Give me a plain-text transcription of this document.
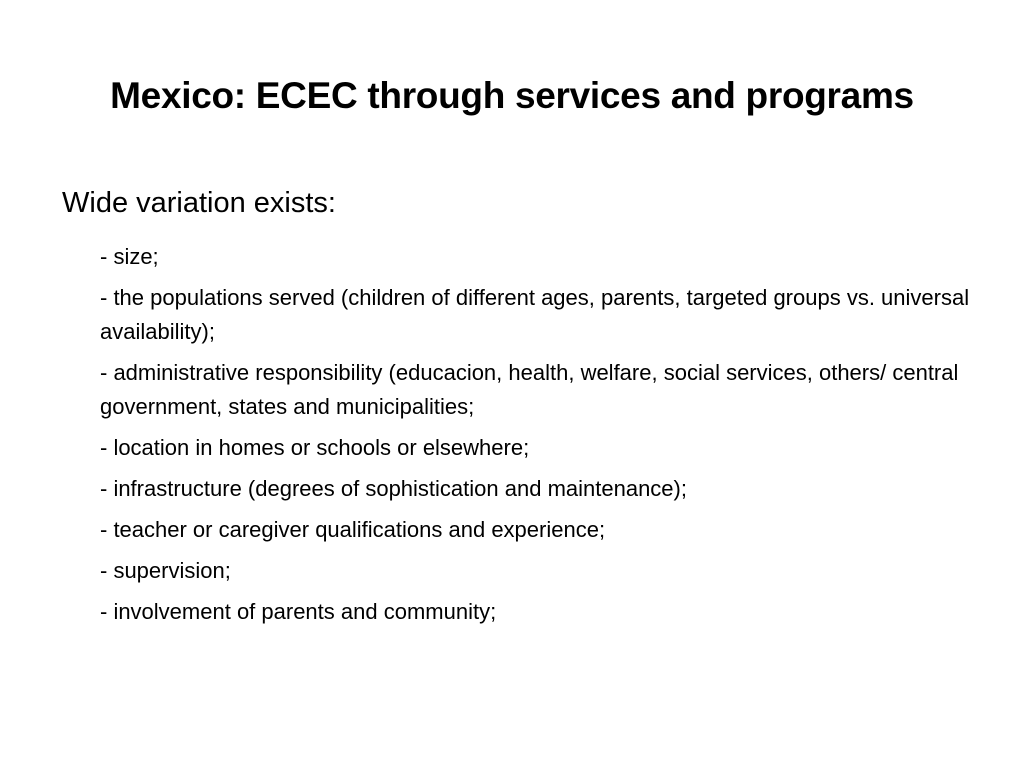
Mexico: ECEC through services and programs

Wide variation exists:

- size;
- the populations served (children of different ages, parents, targeted groups vs. universal availability);
- administrative responsibility (educacion, health, welfare, social services, others/ central government, states and municipalities;
- location in homes or schools or elsewhere;
- infrastructure (degrees of sophistication and maintenance);
- teacher or caregiver qualifications and experience;
- supervision;
- involvement of parents and community;
